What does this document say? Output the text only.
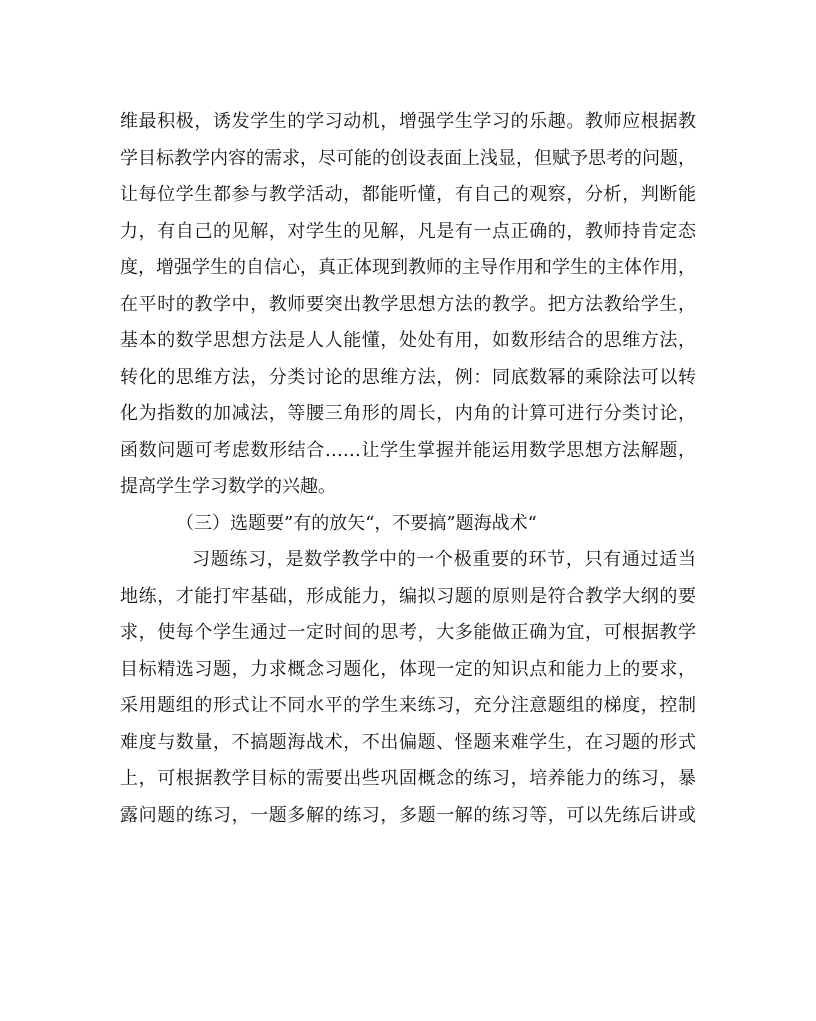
维最积极，诱发学生的学习动机，增强学生学习的乐趣。教师应根据教
学目标教学内容的需求，尽可能的创设表面上浅显，但赋予思考的问题，
让每位学生都参与教学活动，都能听懂，有自己的观察，分析，判断能
力，有自己的见解，对学生的见解，凡是有一点正确的，教师持肯定态
度，增强学生的自信心，真正体现到教师的主导作用和学生的主体作用，
在平时的教学中，教师要突出教学思想方法的教学。把方法教给学生，
基本的数学思想方法是人人能懂，处处有用，如数形结合的思维方法，
转化的思维方法，分类讨论的思维方法，例：同底数幂的乘除法可以转
化为指数的加减法，等腰三角形的周长，内角的计算可进行分类讨论，
函数问题可考虑数形结合……让学生掌握并能运用数学思想方法解题，
提高学生学习数学的兴趣。
（三）选题要”有的放矢“，不要搞”题海战术“
习题练习，是数学教学中的一个极重要的环节，只有通过适当
地练，才能打牢基础，形成能力，编拟习题的原则是符合教学大纲的要
求，使每个学生通过一定时间的思考，大多能做正确为宜，可根据教学
目标精选习题，力求概念习题化，体现一定的知识点和能力上的要求，
采用题组的形式让不同水平的学生来练习，充分注意题组的梯度，控制
难度与数量，不搞题海战术，不出偏题、怪题来难学生，在习题的形式
上，可根据教学目标的需要出些巩固概念的练习，培养能力的练习，暴
露问题的练习，一题多解的练习，多题一解的练习等，可以先练后讲或
